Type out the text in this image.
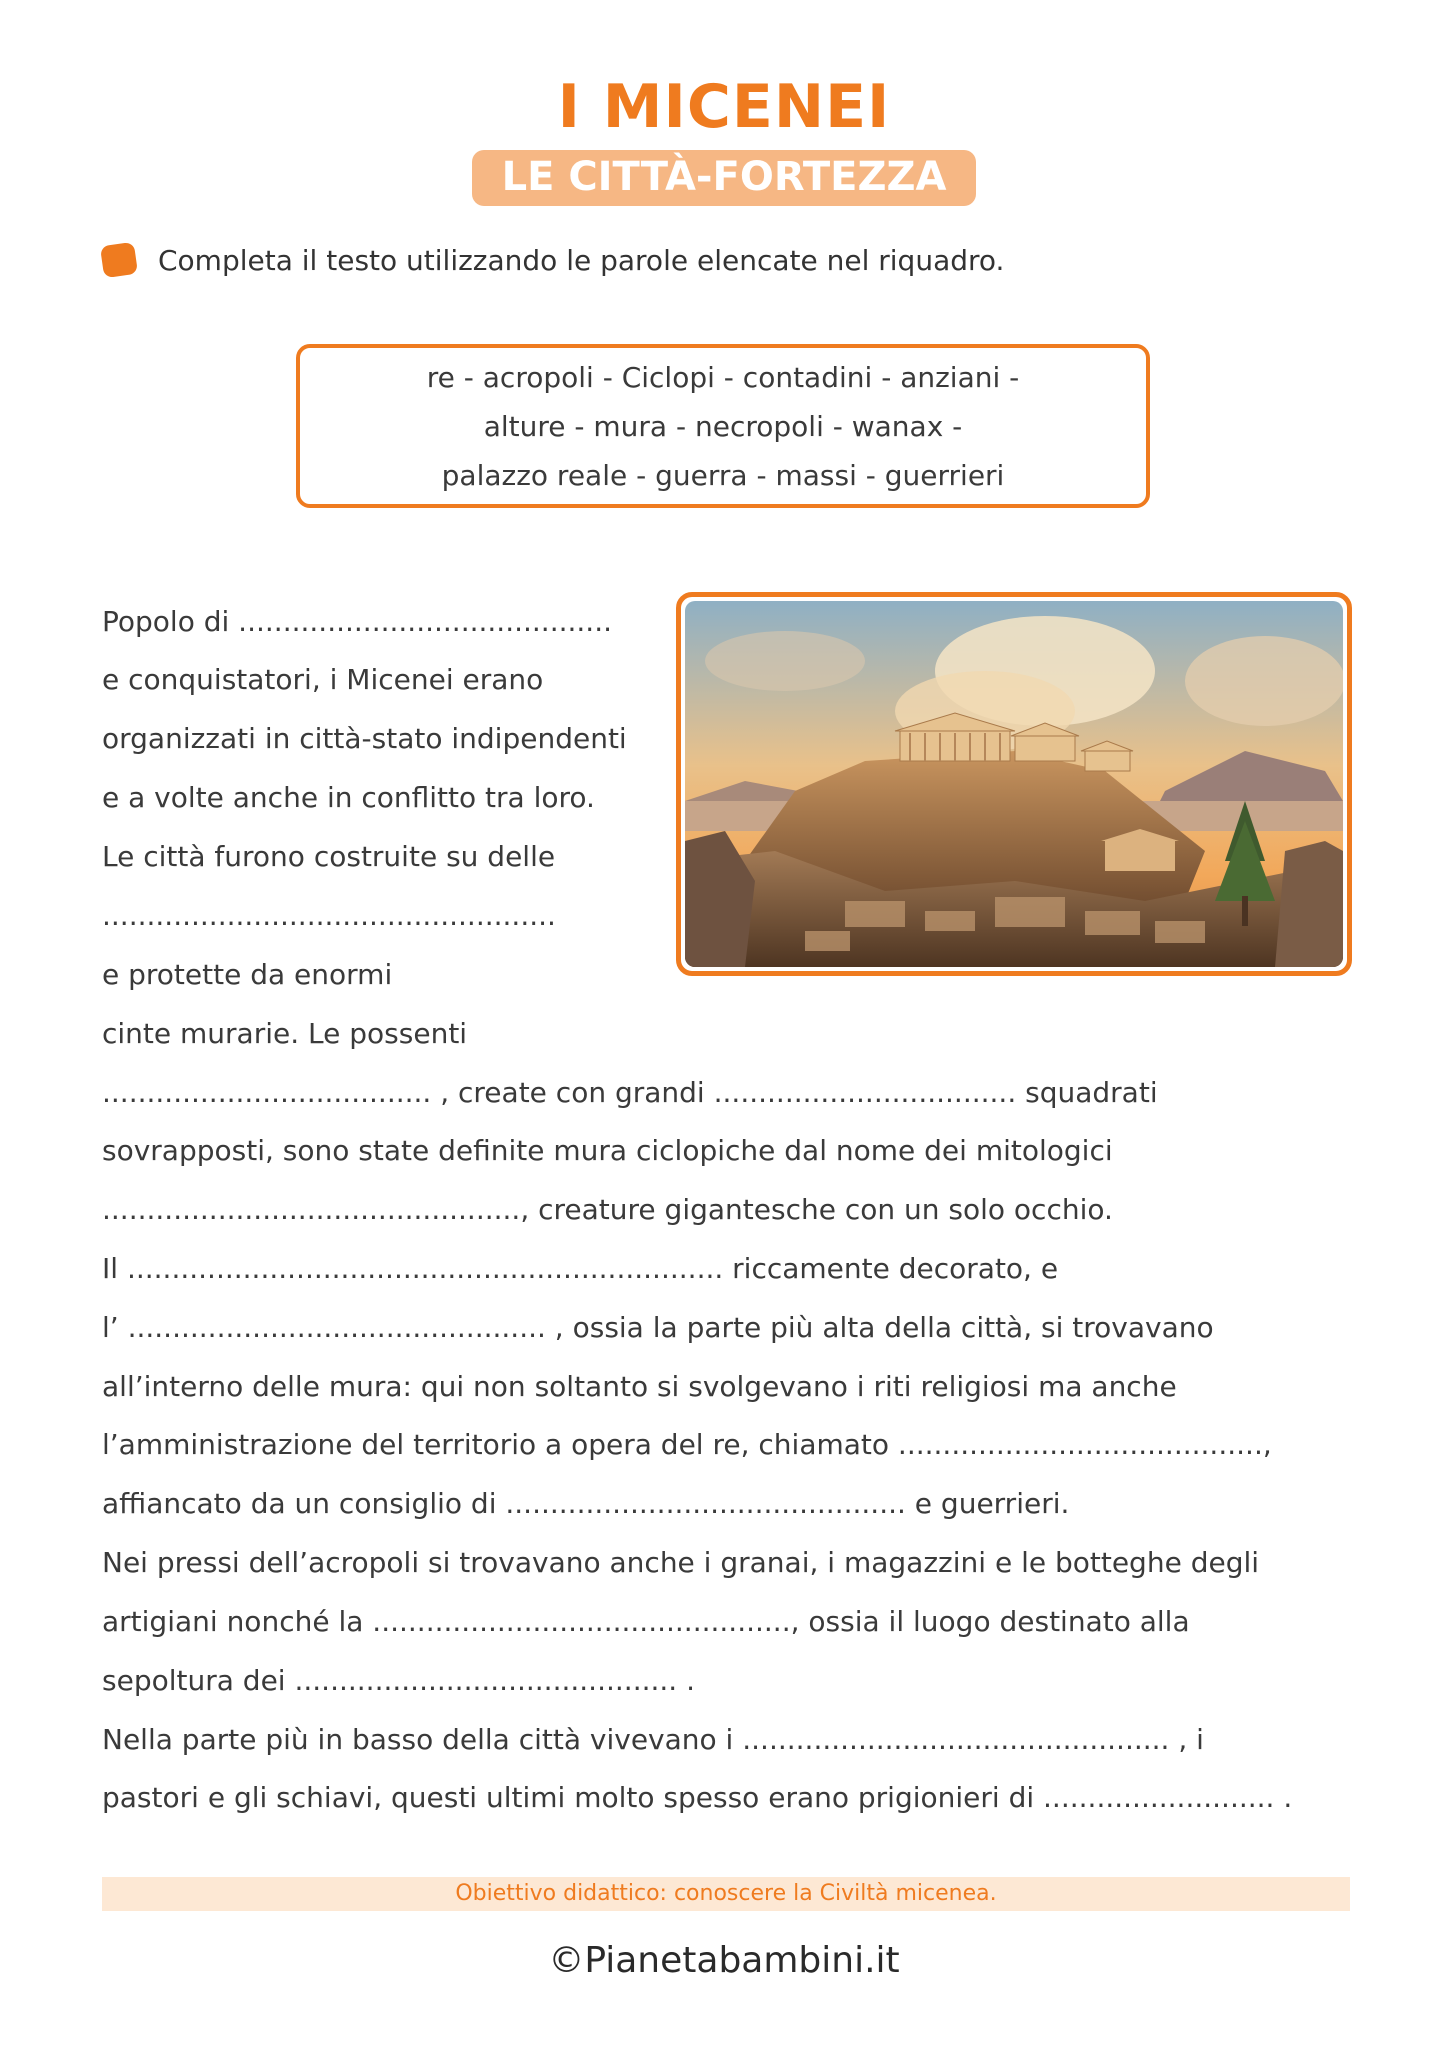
I MICENEI
LE CITTÀ-FORTEZZA
Completa il testo utilizzando le parole elencate nel riquadro.
re - acropoli - Ciclopi - contadini - anziani -
alture - mura - necropoli - wanax -
palazzo reale - guerra - massi - guerrieri
Popolo di ..........................................
e conquistatori, i Micenei erano
organizzati in città-stato indipendenti
e a volte anche in conflitto tra loro.
Le città furono costruite su delle
...................................................
e protette da enormi
cinte murarie. Le possenti
..................................... , create con grandi .................................. squadrati
sovrapposti, sono state definite mura ciclopiche dal nome dei mitologici
..............................................., creature gigantesche con un solo occhio.
Il ................................................................... riccamente decorato, e
l’ ............................................... , ossia la parte più alta della città, si trovavano
all’interno delle mura: qui non soltanto si svolgevano i riti religiosi ma anche
l’amministrazione del territorio a opera del re, chiamato .........................................,
affiancato da un consiglio di ............................................. e guerrieri.
Nei pressi dell’acropoli si trovavano anche i granai, i magazzini e le botteghe degli
artigiani nonché la ..............................................., ossia il luogo destinato alla
sepoltura dei ........................................... .
Nella parte più in basso della città vivevano i ................................................ , i
pastori e gli schiavi, questi ultimi molto spesso erano prigionieri di .......................... .
Obiettivo didattico: conoscere la Civiltà micenea.
©Pianetabambini.it
